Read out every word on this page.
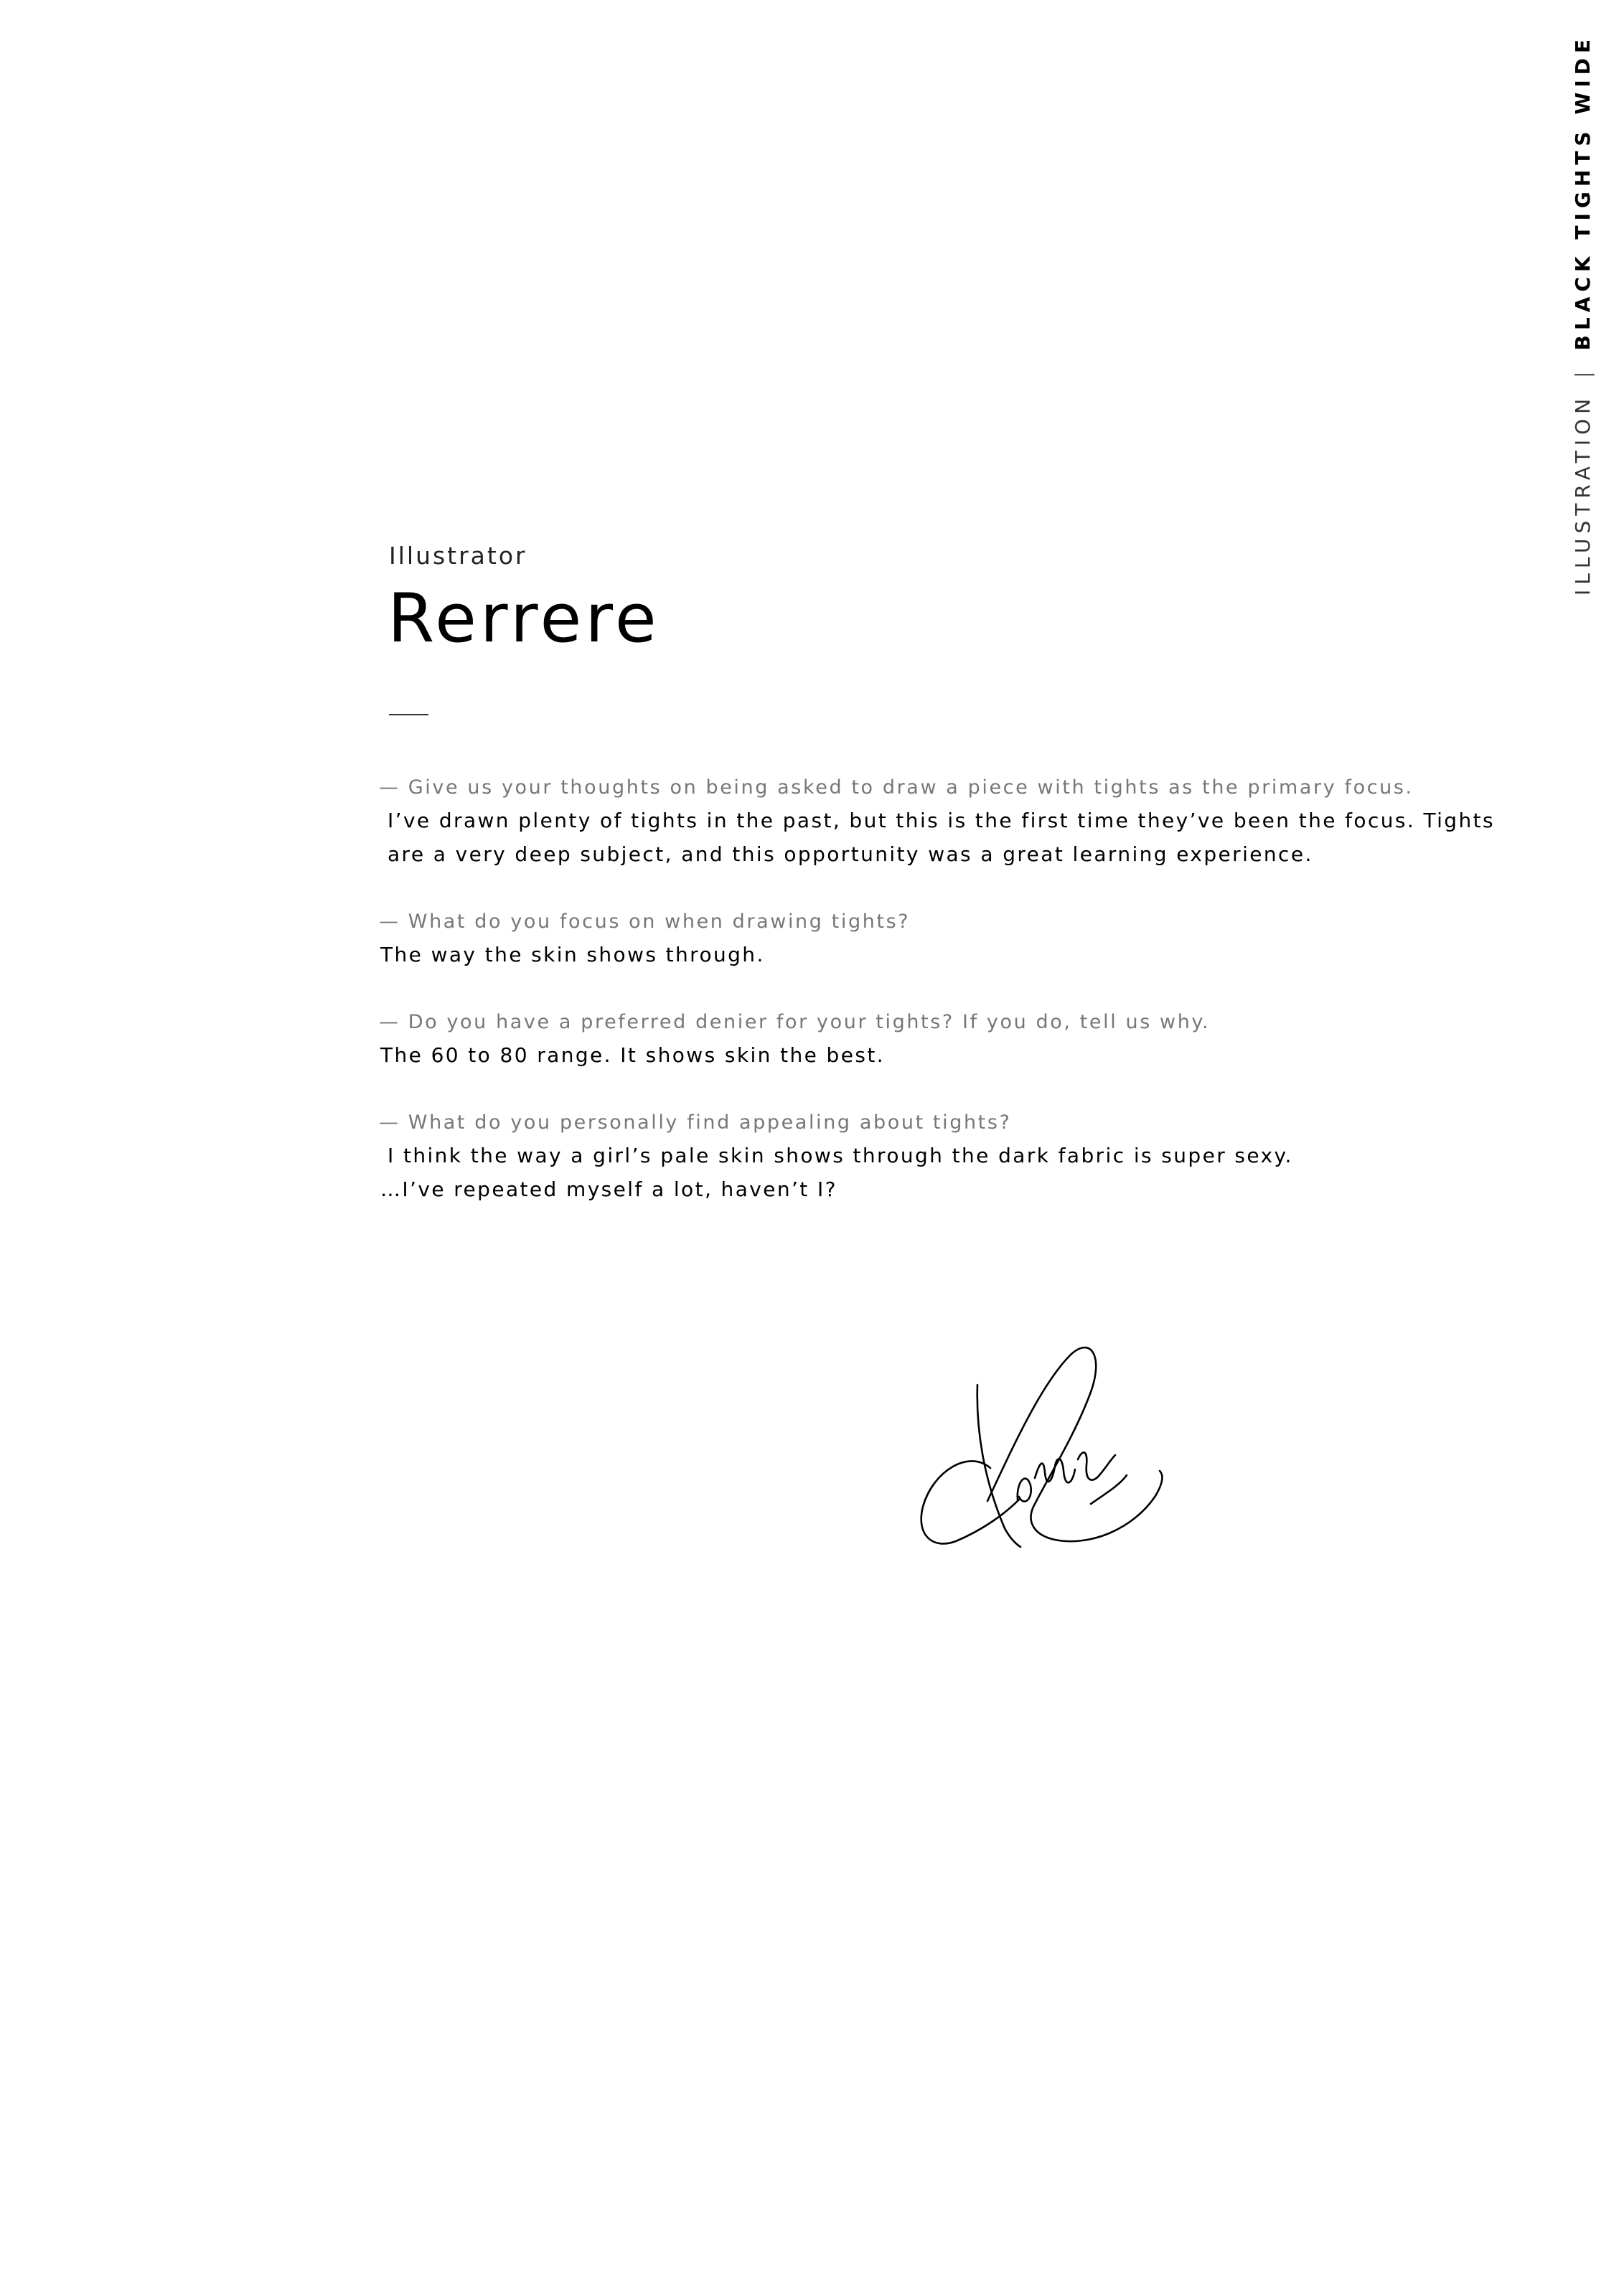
ILLUSTRATION|BLACK TIGHTS WIDE
Illustrator
Rerrere
— Give us your thoughts on being asked to draw a piece with tights as the primary focus.
I’ve drawn plenty of tights in the past, but this is the first time they’ve been the focus. Tights
are a very deep subject, and this opportunity was a great learning experience.
— What do you focus on when drawing tights?
The way the skin shows through.
— Do you have a preferred denier for your tights? If you do, tell us why.
The 60 to 80 range. It shows skin the best.
— What do you personally find appealing about tights?
I think the way a girl’s pale skin shows through the dark fabric is super sexy.
…I’ve repeated myself a lot, haven’t I?
